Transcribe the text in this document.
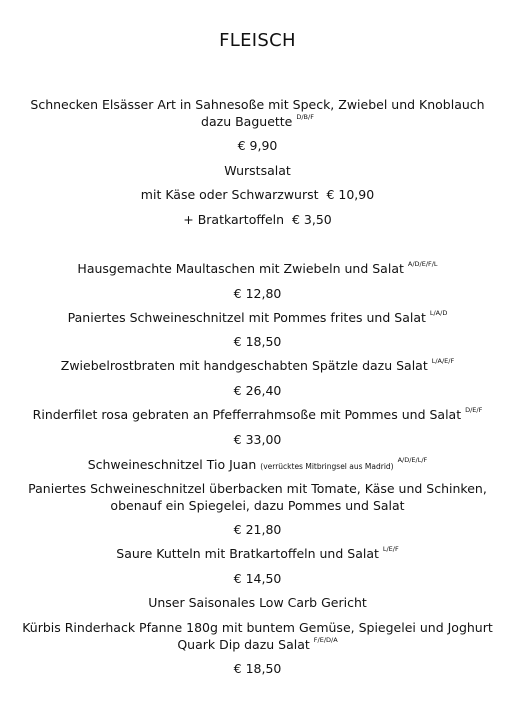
FLEISCH
Schnecken Elsässer Art in Sahnesoße mit Speck, Zwiebel und Knoblauch
dazu Baguette $^{D/B/F}$
€ 9,90
Wurstsalat
mit Käse oder Schwarzwurst  € 10,90
+ Bratkartoffeln  € 3,50
Hausgemachte Maultaschen mit Zwiebeln und Salat $^{A/D/E/F/L}$
€ 12,80
Paniertes Schweineschnitzel mit Pommes frites und Salat $^{L/A/D}$
€ 18,50
Zwiebelrostbraten mit handgeschabten Spätzle dazu Salat $^{L/A/E/F}$
€ 26,40
Rinderfilet rosa gebraten an Pfefferrahmsoße mit Pommes und Salat $^{D/E/F}$
€ 33,00
Schweineschnitzel Tio Juan (verrücktes Mitbringsel aus Madrid) $^{A/D/E/L/F}$
Paniertes Schweineschnitzel überbacken mit Tomate, Käse und Schinken,
obenauf ein Spiegelei, dazu Pommes und Salat
€ 21,80
Saure Kutteln mit Bratkartoffeln und Salat $^{L/E/F}$
€ 14,50
Unser Saisonales Low Carb Gericht
Kürbis Rinderhack Pfanne 180g mit buntem Gemüse, Spiegelei und Joghurt
Quark Dip dazu Salat $^{F/E/D/A}$
€ 18,50
